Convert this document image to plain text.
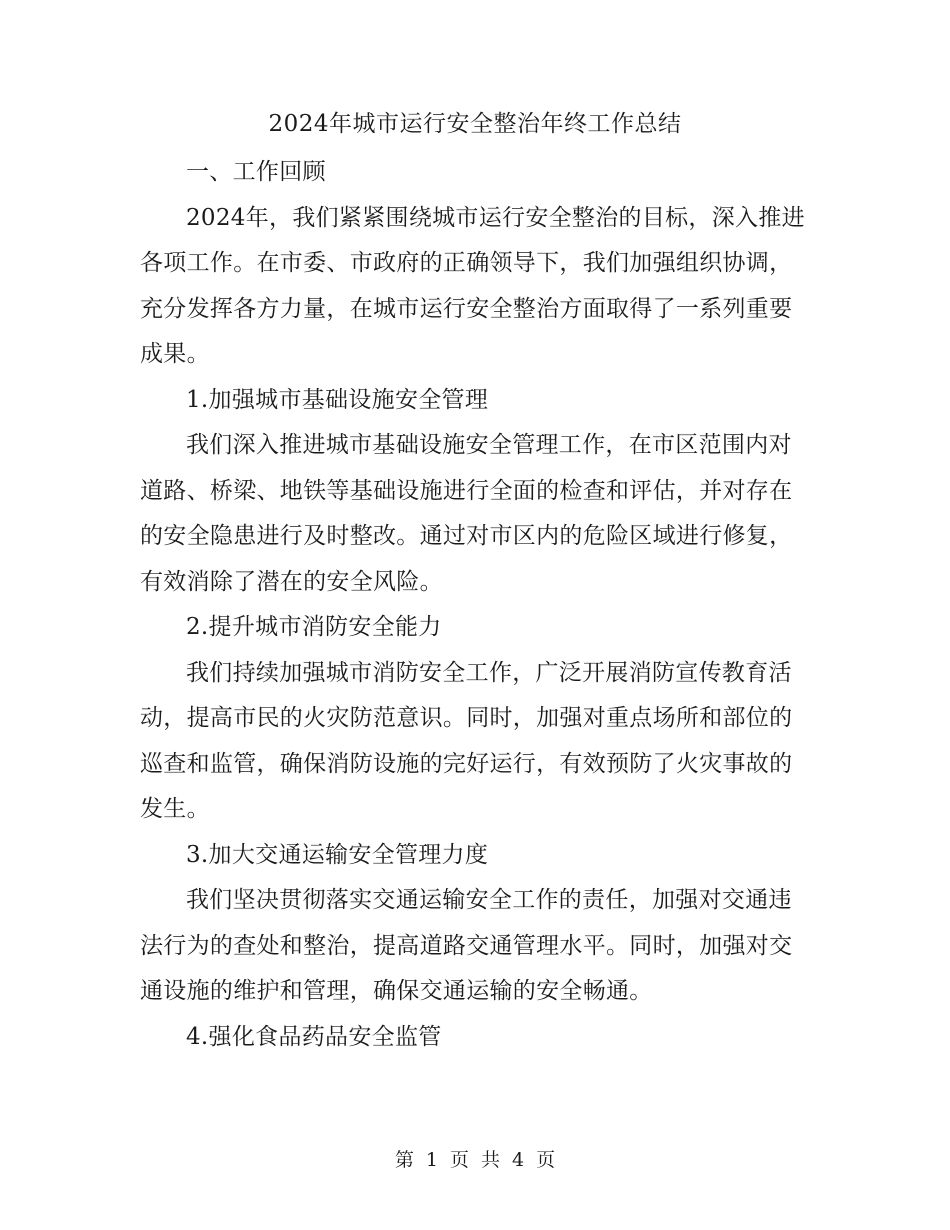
2024年城市运行安全整治年终工作总结
一、工作回顾
2024年，我们紧紧围绕城市运行安全整治的目标，深入推进
各项工作。在市委、市政府的正确领导下，我们加强组织协调，
充分发挥各方力量，在城市运行安全整治方面取得了一系列重要
成果。
1.加强城市基础设施安全管理
我们深入推进城市基础设施安全管理工作，在市区范围内对
道路、桥梁、地铁等基础设施进行全面的检查和评估，并对存在
的安全隐患进行及时整改。通过对市区内的危险区域进行修复，
有效消除了潜在的安全风险。
2.提升城市消防安全能力
我们持续加强城市消防安全工作，广泛开展消防宣传教育活
动，提高市民的火灾防范意识。同时，加强对重点场所和部位的
巡查和监管，确保消防设施的完好运行，有效预防了火灾事故的
发生。
3.加大交通运输安全管理力度
我们坚决贯彻落实交通运输安全工作的责任，加强对交通违
法行为的查处和整治，提高道路交通管理水平。同时，加强对交
通设施的维护和管理，确保交通运输的安全畅通。
4.强化食品药品安全监管
第 1 页 共 4 页
